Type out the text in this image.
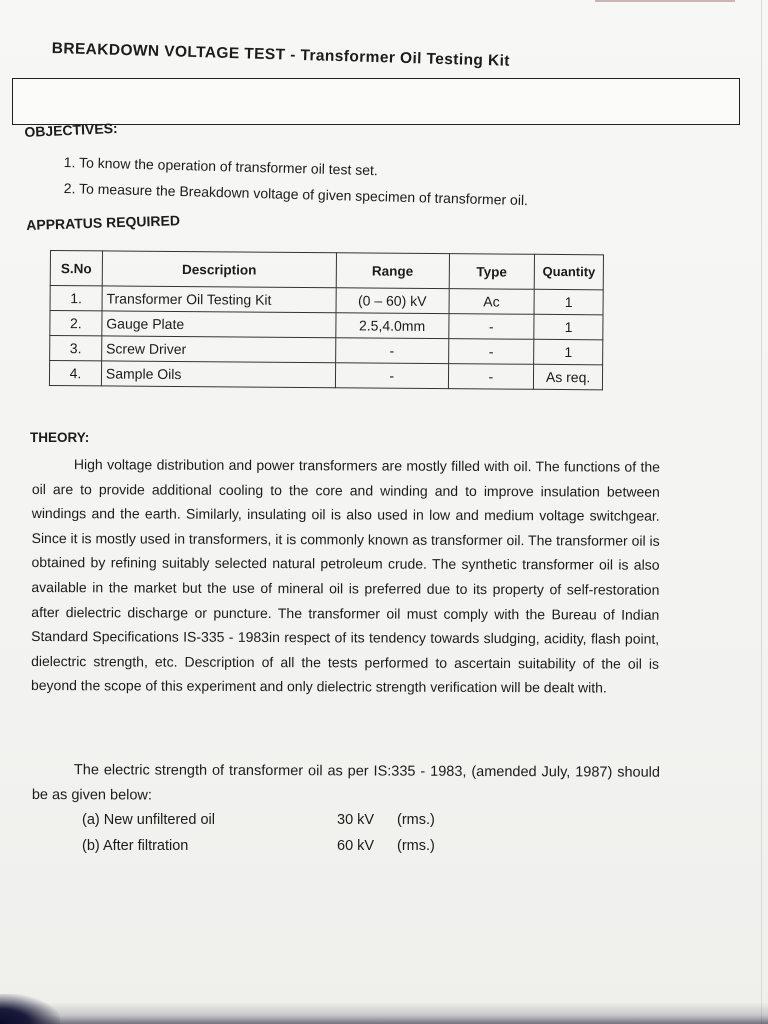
BREAKDOWN VOLTAGE TEST - Transformer Oil Testing Kit
OBJECTIVES:
1. To know the operation of transformer oil test set.
2. To measure the Breakdown voltage of given specimen of transformer oil.
APPRATUS REQUIRED
S.No	Description	Range	Type	Quantity
1.	Transformer Oil Testing Kit	(0 – 60) kV	Ac	1
2.	Gauge Plate	2.5,4.0mm	-	1
3.	Screw Driver	-	-	1
4.	Sample Oils	-	-	As req.
THEORY:
High voltage distribution and power transformers are mostly filled with oil. The functions of the oil are to provide additional cooling to the core and winding and to improve insulation between windings and the earth. Similarly, insulating oil is also used in low and medium voltage switchgear. Since it is mostly used in transformers, it is commonly known as transformer oil. The transformer oil is obtained by refining suitably selected natural petroleum crude. The synthetic transformer oil is also available in the market but the use of mineral oil is preferred due to its property of self-restoration after dielectric discharge or puncture. The transformer oil must comply with the Bureau of Indian Standard Specifications IS-335 - 1983in respect of its tendency towards sludging, acidity, flash point, dielectric strength, etc. Description of all the tests performed to ascertain suitability of the oil is beyond the scope of this experiment and only dielectric strength verification will be dealt with.
The electric strength of transformer oil as per IS:335 - 1983, (amended July, 1987) should be as given below:
(a) New unfiltered oil	30 kV (rms.)
(b) After filtration	60 kV (rms.)
